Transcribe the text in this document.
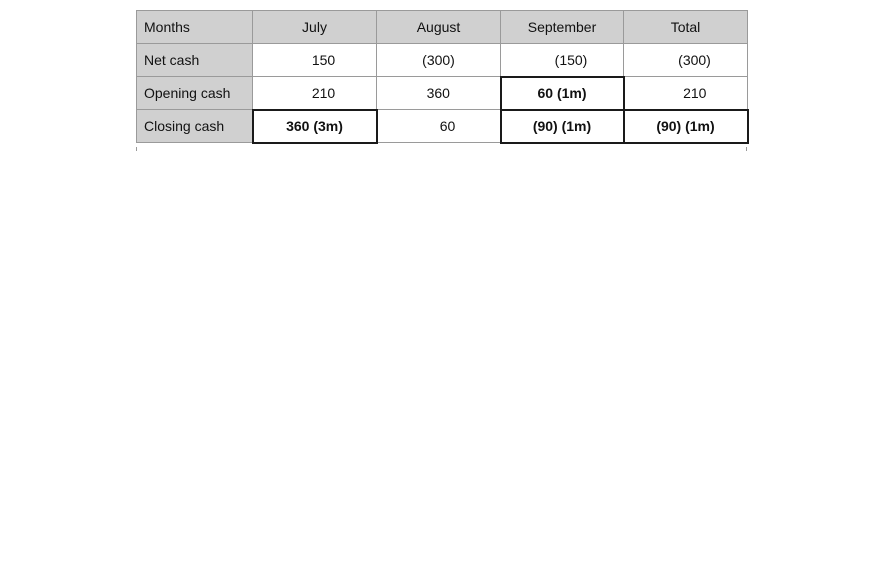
Months	July	August	September	Total
Net cash	150	(300)	(150)	(300)
Opening cash	210	360	60 (1m)	210
Closing cash	360 (3m)	60	(90) (1m)	(90) (1m)
